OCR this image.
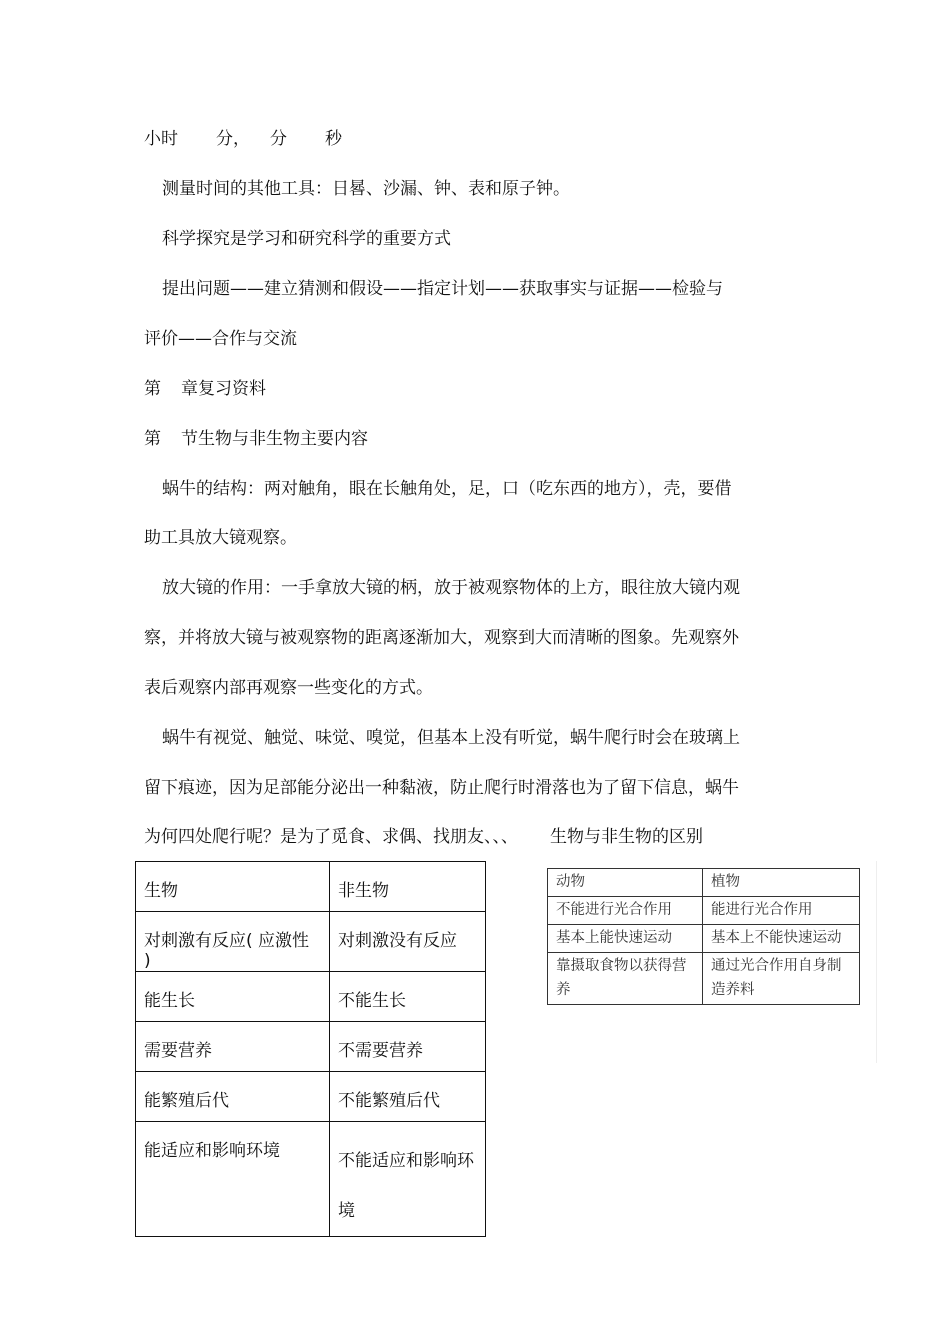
小时 分， 分 秒
测量时间的其他工具：日晷、沙漏、钟、表和原子钟。
科学探究是学习和研究科学的重要方式
提出问题——建立猜测和假设——指定计划——获取事实与证据——检验与
评价——合作与交流
第 章复习资料
第 节生物与非生物主要内容
蜗牛的结构：两对触角，眼在长触角处，足，口（吃东西的地方），壳，要借
助工具放大镜观察。
放大镜的作用：一手拿放大镜的柄，放于被观察物体的上方，眼往放大镜内观
察，并将放大镜与被观察物的距离逐渐加大，观察到大而清晰的图象。先观察外
表后观察内部再观察一些变化的方式。
蜗牛有视觉、触觉、味觉、嗅觉，但基本上没有听觉，蜗牛爬行时会在玻璃上
留下痕迹，因为足部能分泌出一种黏液，防止爬行时滑落也为了留下信息，蜗牛
为何四处爬行呢？是为了觅食、求偶、找朋友、、、 生物与非生物的区别
生物	非生物
对刺激有反应( 应激性 )	对刺激没有反应
能生长	不能生长
需要营养	不需要营养
能繁殖后代	不能繁殖后代
能适应和影响环境	不能适应和影响环境
动物	植物
不能进行光合作用	能进行光合作用
基本上能快速运动	基本上不能快速运动
靠摄取食物以获得营养	通过光合作用自身制造养料
